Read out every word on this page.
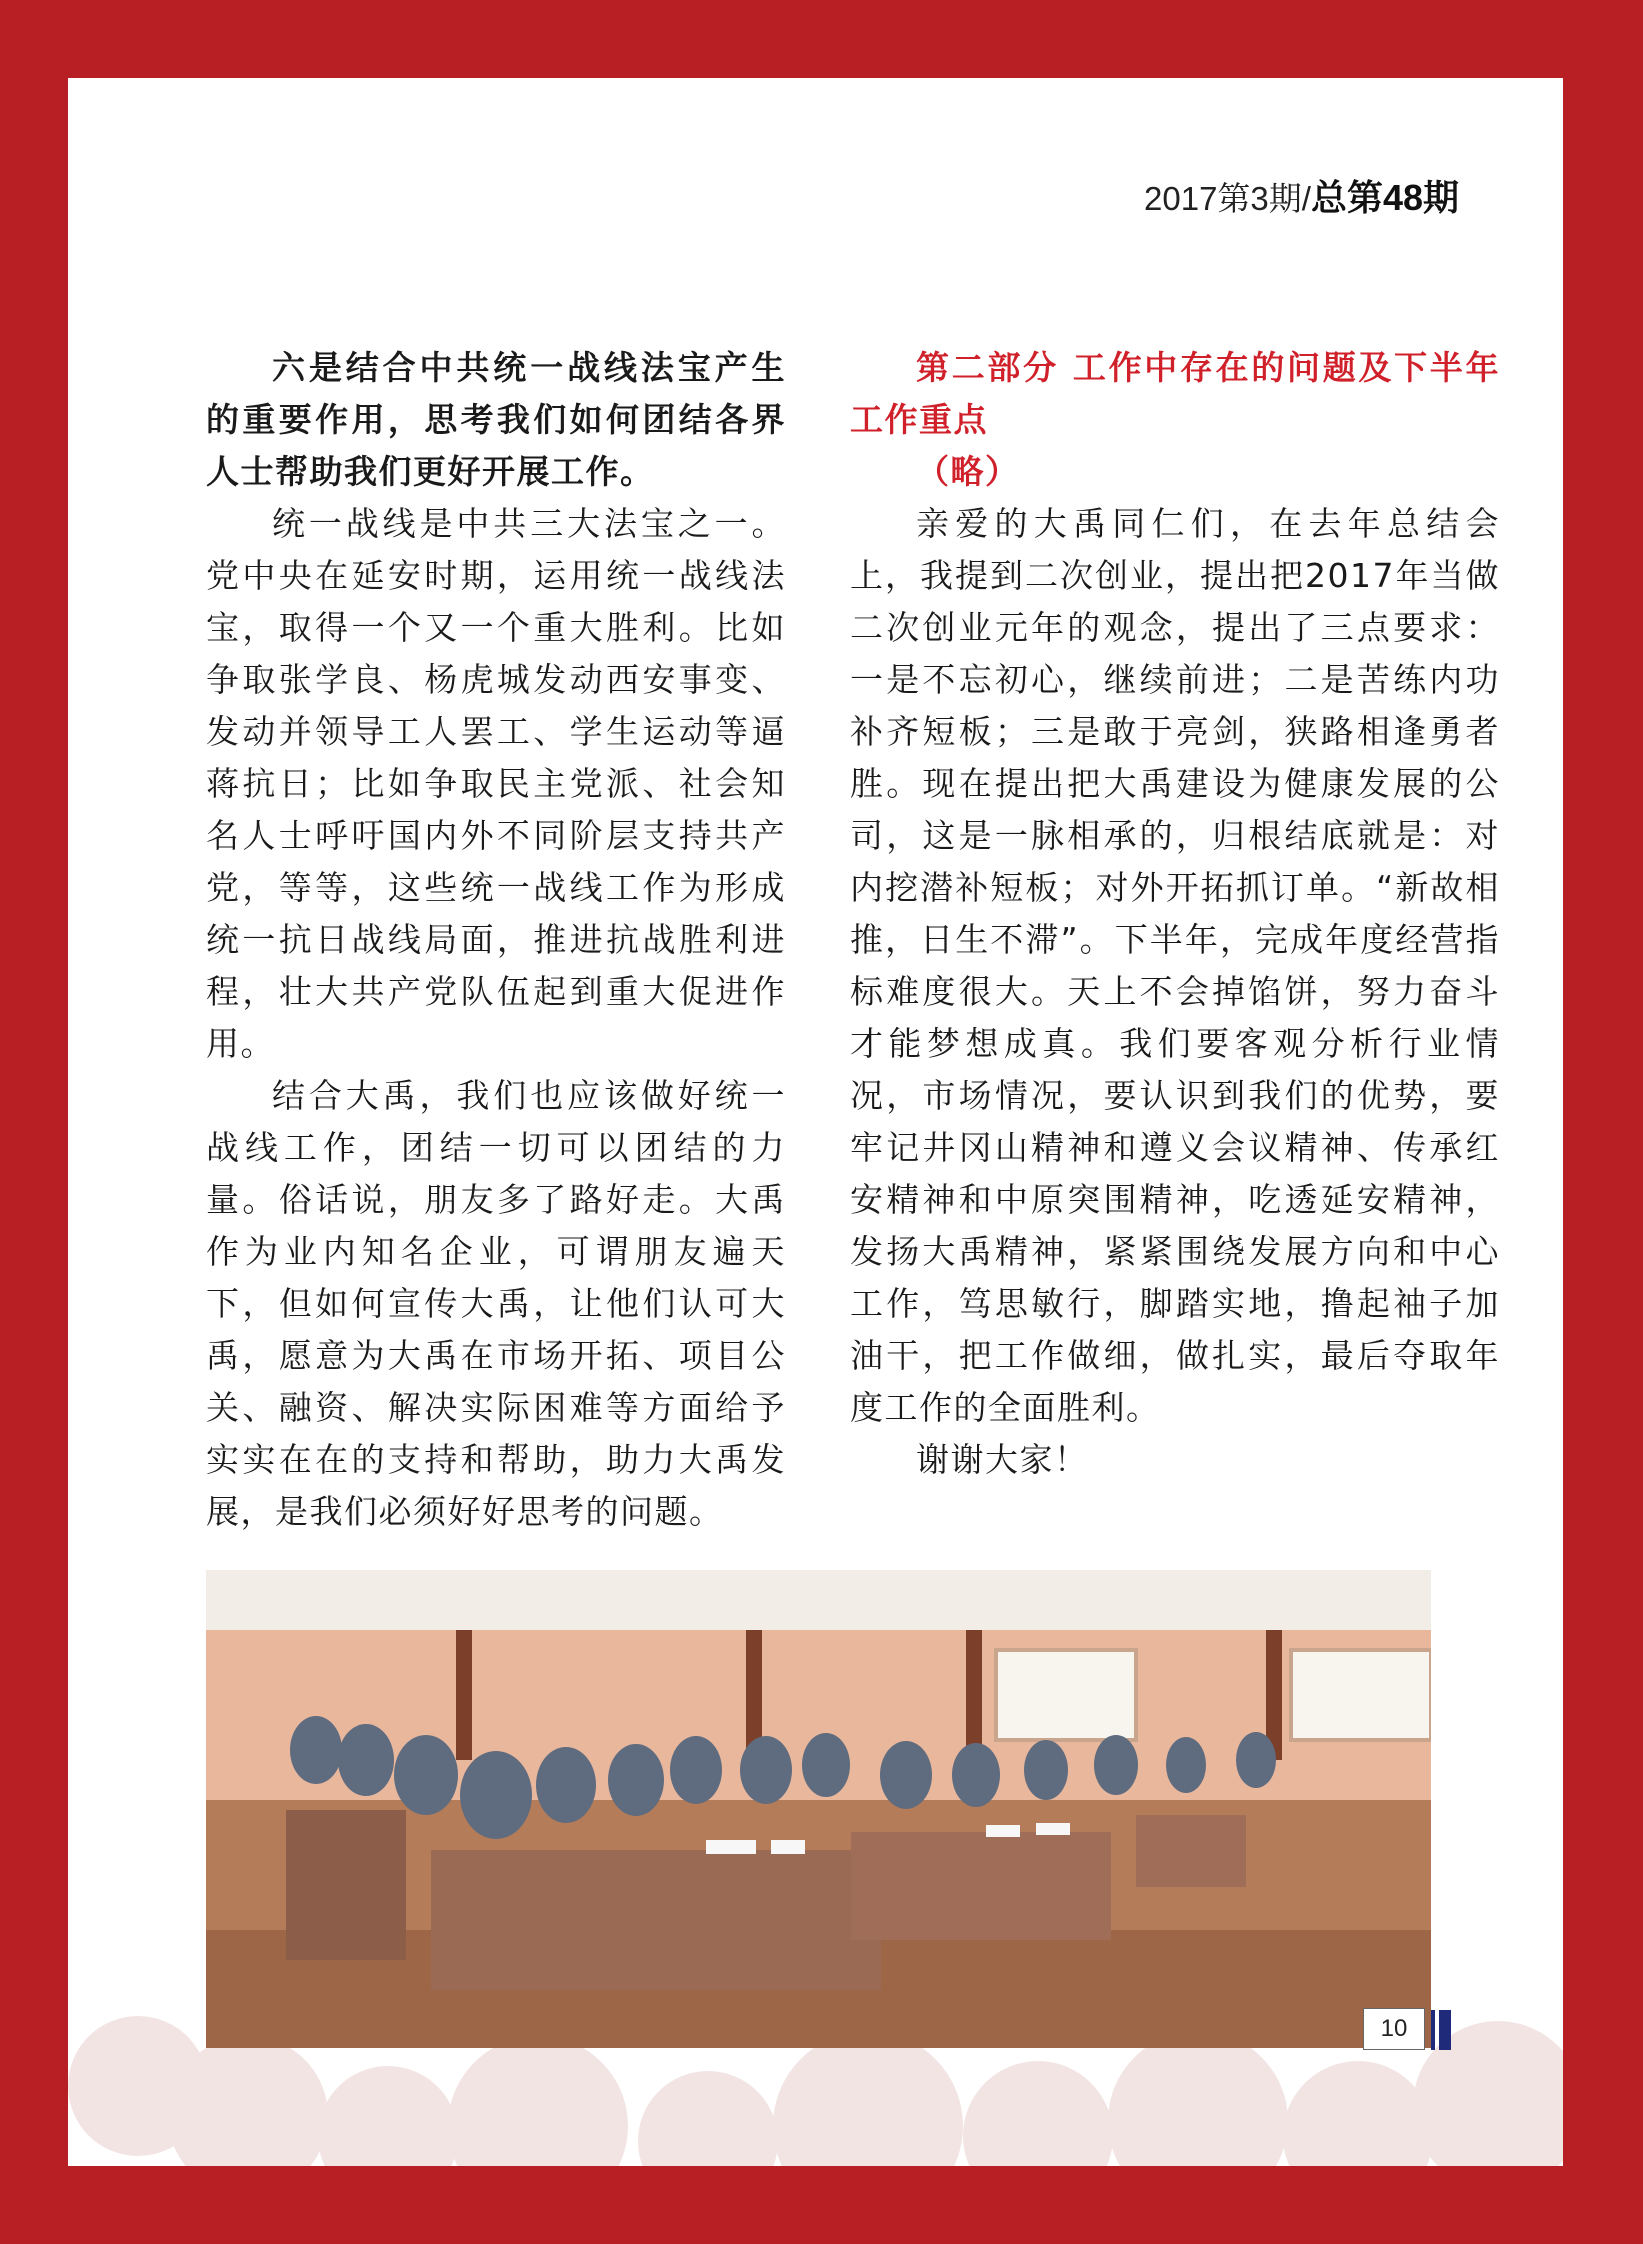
2017第3期/总第48期

六是结合中共统一战线法宝产生的重要作用，思考我们如何团结各界人士帮助我们更好开展工作。

统一战线是中共三大法宝之一。党中央在延安时期，运用统一战线法宝，取得一个又一个重大胜利。比如争取张学良、杨虎城发动西安事变、发动并领导工人罢工、学生运动等逼蒋抗日；比如争取民主党派、社会知名人士呼吁国内外不同阶层支持共产党，等等，这些统一战线工作为形成统一抗日战线局面，推进抗战胜利进程，壮大共产党队伍起到重大促进作用。

结合大禹，我们也应该做好统一战线工作，团结一切可以团结的力量。俗话说，朋友多了路好走。大禹作为业内知名企业，可谓朋友遍天下，但如何宣传大禹，让他们认可大禹，愿意为大禹在市场开拓、项目公关、融资、解决实际困难等方面给予实实在在的支持和帮助，助力大禹发展，是我们必须好好思考的问题。

第二部分 工作中存在的问题及下半年工作重点

（略）

亲爱的大禹同仁们，在去年总结会上，我提到二次创业，提出把2017年当做二次创业元年的观念，提出了三点要求：一是不忘初心，继续前进；二是苦练内功补齐短板；三是敢于亮剑，狭路相逢勇者胜。现在提出把大禹建设为健康发展的公司，这是一脉相承的，归根结底就是：对内挖潜补短板；对外开拓抓订单。“新故相推，日生不滞”。下半年，完成年度经营指标难度很大。天上不会掉馅饼，努力奋斗才能梦想成真。我们要客观分析行业情况，市场情况，要认识到我们的优势，要牢记井冈山精神和遵义会议精神、传承红安精神和中原突围精神，吃透延安精神，发扬大禹精神，紧紧围绕发展方向和中心工作，笃思敏行，脚踏实地，撸起袖子加油干，把工作做细，做扎实，最后夺取年度工作的全面胜利。

谢谢大家！

10
